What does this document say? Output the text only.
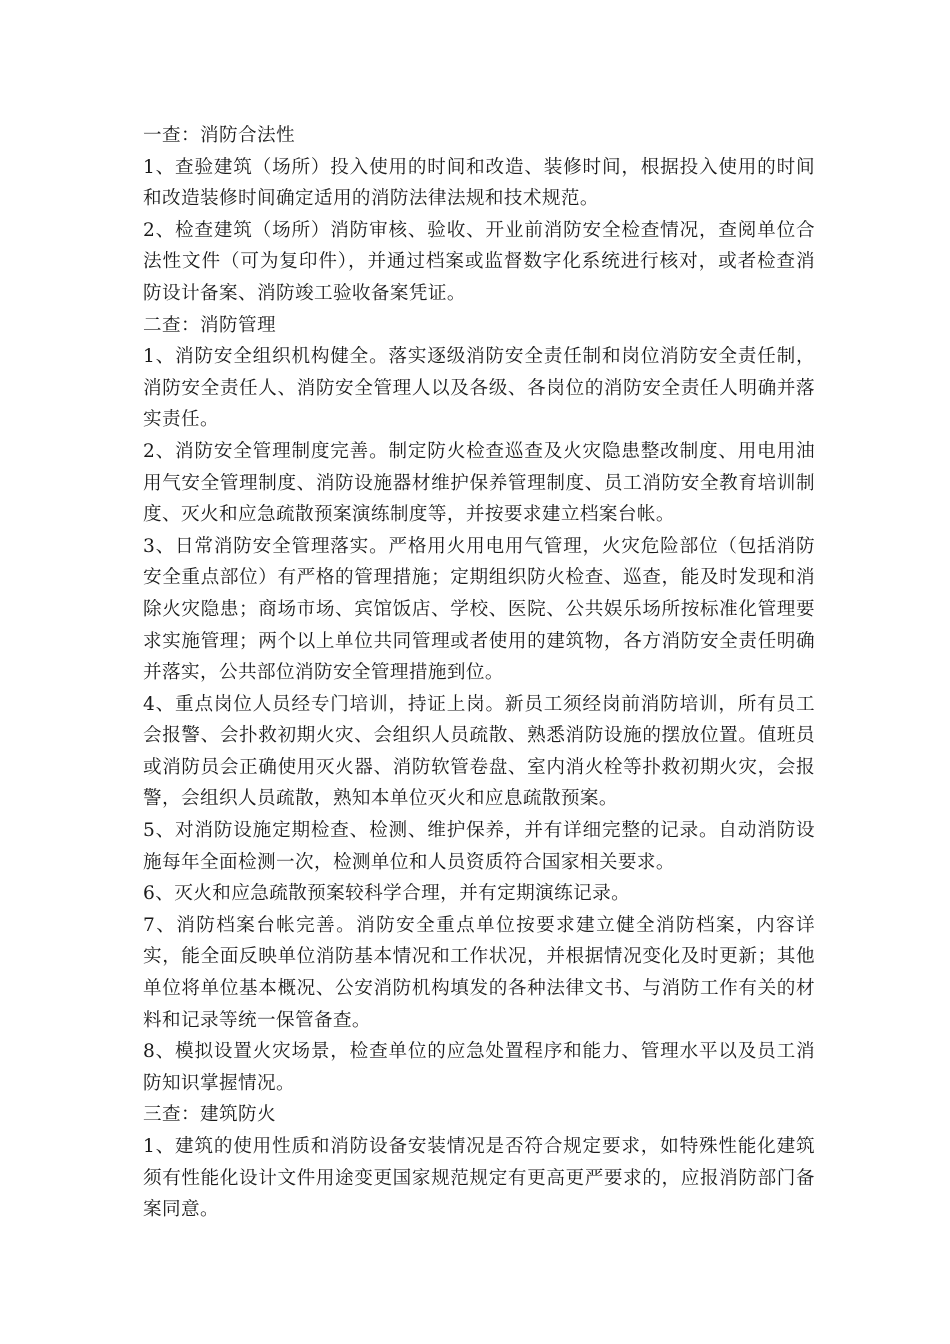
一查：消防合法性

1、查验建筑（场所）投入使用的时间和改造、装修时间，根据投入使用的时间和改造装修时间确定适用的消防法律法规和技术规范。

2、检查建筑（场所）消防审核、验收、开业前消防安全检查情况，查阅单位合法性文件（可为复印件），并通过档案或监督数字化系统进行核对，或者检查消防设计备案、消防竣工验收备案凭证。

二查：消防管理

1、消防安全组织机构健全。落实逐级消防安全责任制和岗位消防安全责任制，消防安全责任人、消防安全管理人以及各级、各岗位的消防安全责任人明确并落实责任。

2、消防安全管理制度完善。制定防火检查巡查及火灾隐患整改制度、用电用油用气安全管理制度、消防设施器材维护保养管理制度、员工消防安全教育培训制度、灭火和应急疏散预案演练制度等，并按要求建立档案台帐。

3、日常消防安全管理落实。严格用火用电用气管理，火灾危险部位（包括消防安全重点部位）有严格的管理措施；定期组织防火检查、巡查，能及时发现和消除火灾隐患；商场市场、宾馆饭店、学校、医院、公共娱乐场所按标准化管理要求实施管理；两个以上单位共同管理或者使用的建筑物，各方消防安全责任明确并落实，公共部位消防安全管理措施到位。

4、重点岗位人员经专门培训，持证上岗。新员工须经岗前消防培训，所有员工会报警、会扑救初期火灾、会组织人员疏散、熟悉消防设施的摆放位置。值班员或消防员会正确使用灭火器、消防软管卷盘、室内消火栓等扑救初期火灾，会报警，会组织人员疏散，熟知本单位灭火和应息疏散预案。

5、对消防设施定期检查、检测、维护保养，并有详细完整的记录。自动消防设施每年全面检测一次，检测单位和人员资质符合国家相关要求。

6、灭火和应急疏散预案较科学合理，并有定期演练记录。

7、消防档案台帐完善。消防安全重点单位按要求建立健全消防档案，内容详实，能全面反映单位消防基本情况和工作状况，并根据情况变化及时更新；其他单位将单位基本概况、公安消防机构填发的各种法律文书、与消防工作有关的材料和记录等统一保管备查。

8、模拟设置火灾场景，检查单位的应急处置程序和能力、管理水平以及员工消防知识掌握情况。

三查：建筑防火

1、建筑的使用性质和消防设备安装情况是否符合规定要求，如特殊性能化建筑须有性能化设计文件用途变更国家规范规定有更高更严要求的，应报消防部门备案同意。
